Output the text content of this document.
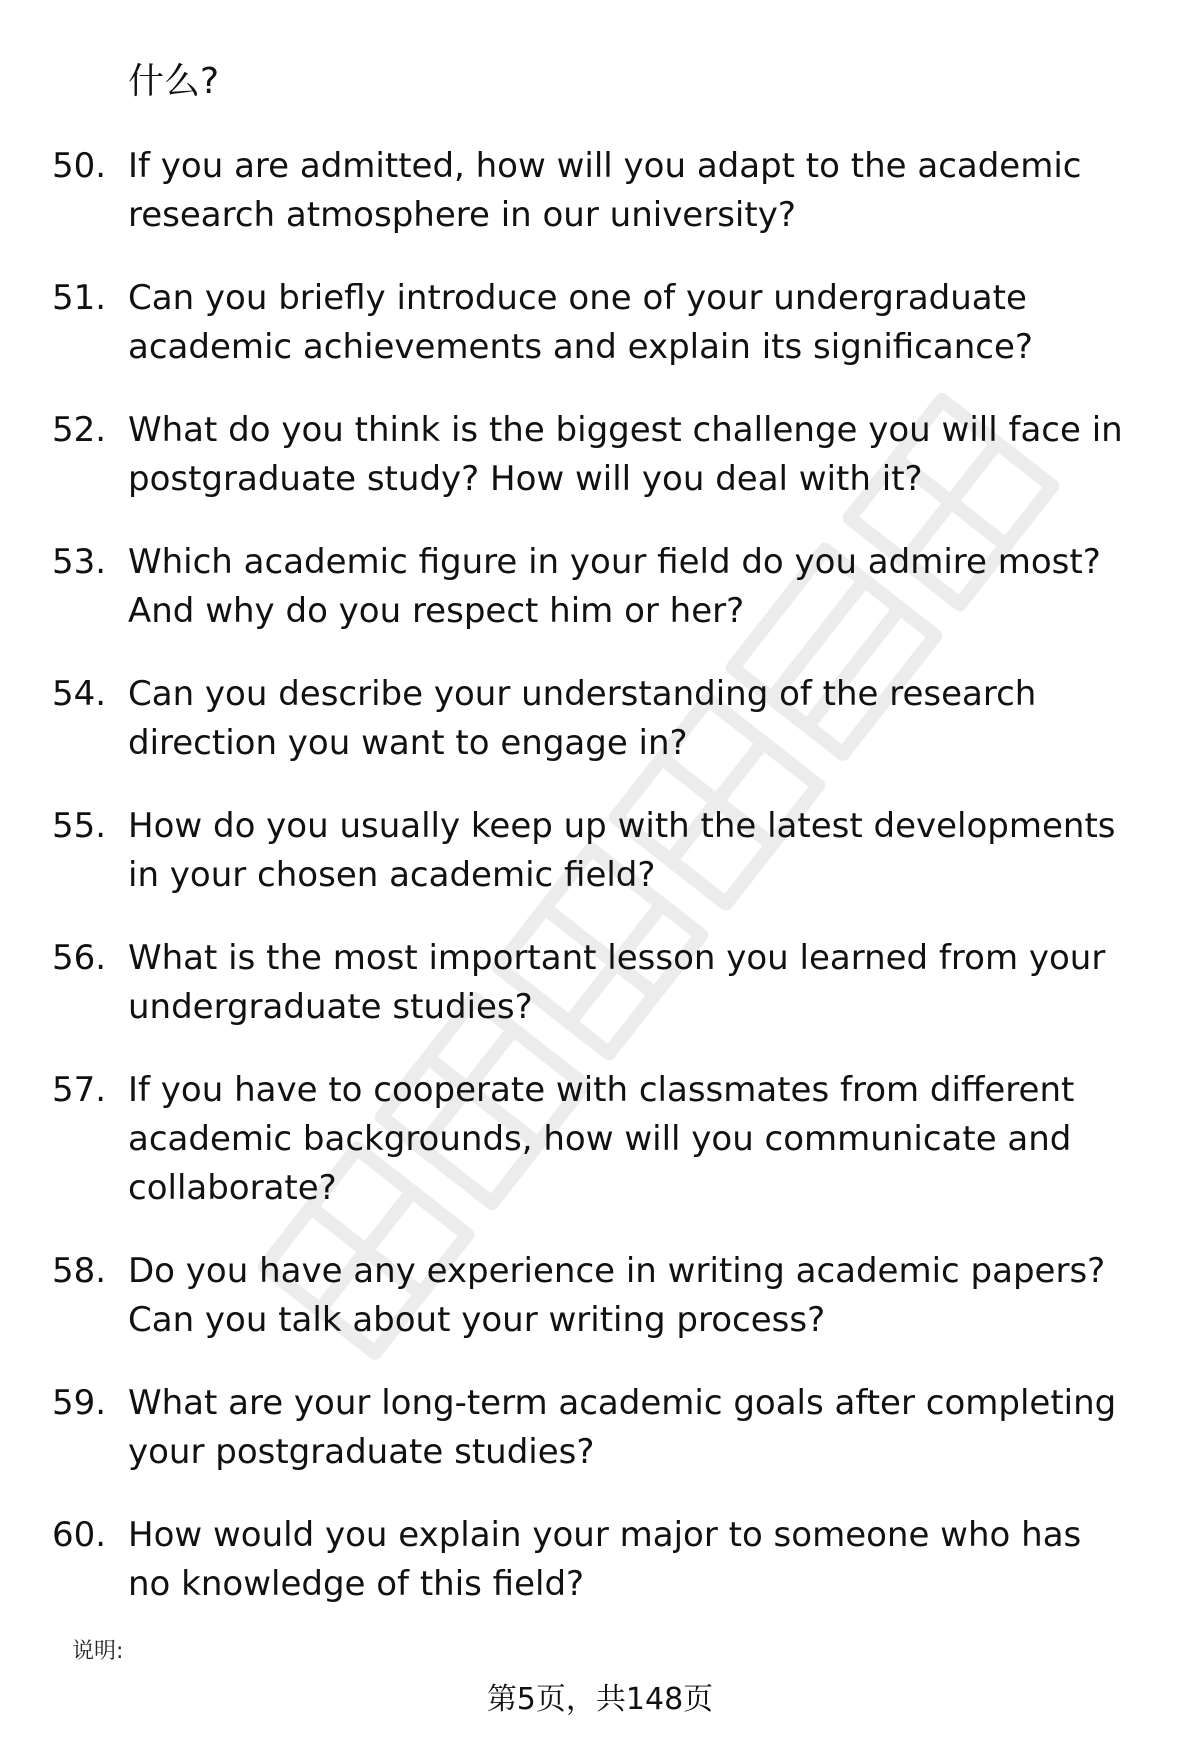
什么?
50. If you are admitted, how will you adapt to the academic research atmosphere in our university?
51. Can you briefly introduce one of your undergraduate academic achievements and explain its significance?
52. What do you think is the biggest challenge you will face in postgraduate study? How will you deal with it?
53. Which academic figure in your field do you admire most? And why do you respect him or her?
54. Can you describe your understanding of the research direction you want to engage in?
55. How do you usually keep up with the latest developments in your chosen academic field?
56. What is the most important lesson you learned from your undergraduate studies?
57. If you have to cooperate with classmates from different academic backgrounds, how will you communicate and collaborate?
58. Do you have any experience in writing academic papers? Can you talk about your writing process?
59. What are your long-term academic goals after completing your postgraduate studies?
60. How would you explain your major to someone who has no knowledge of this field?
说明:
第5页，共148页
